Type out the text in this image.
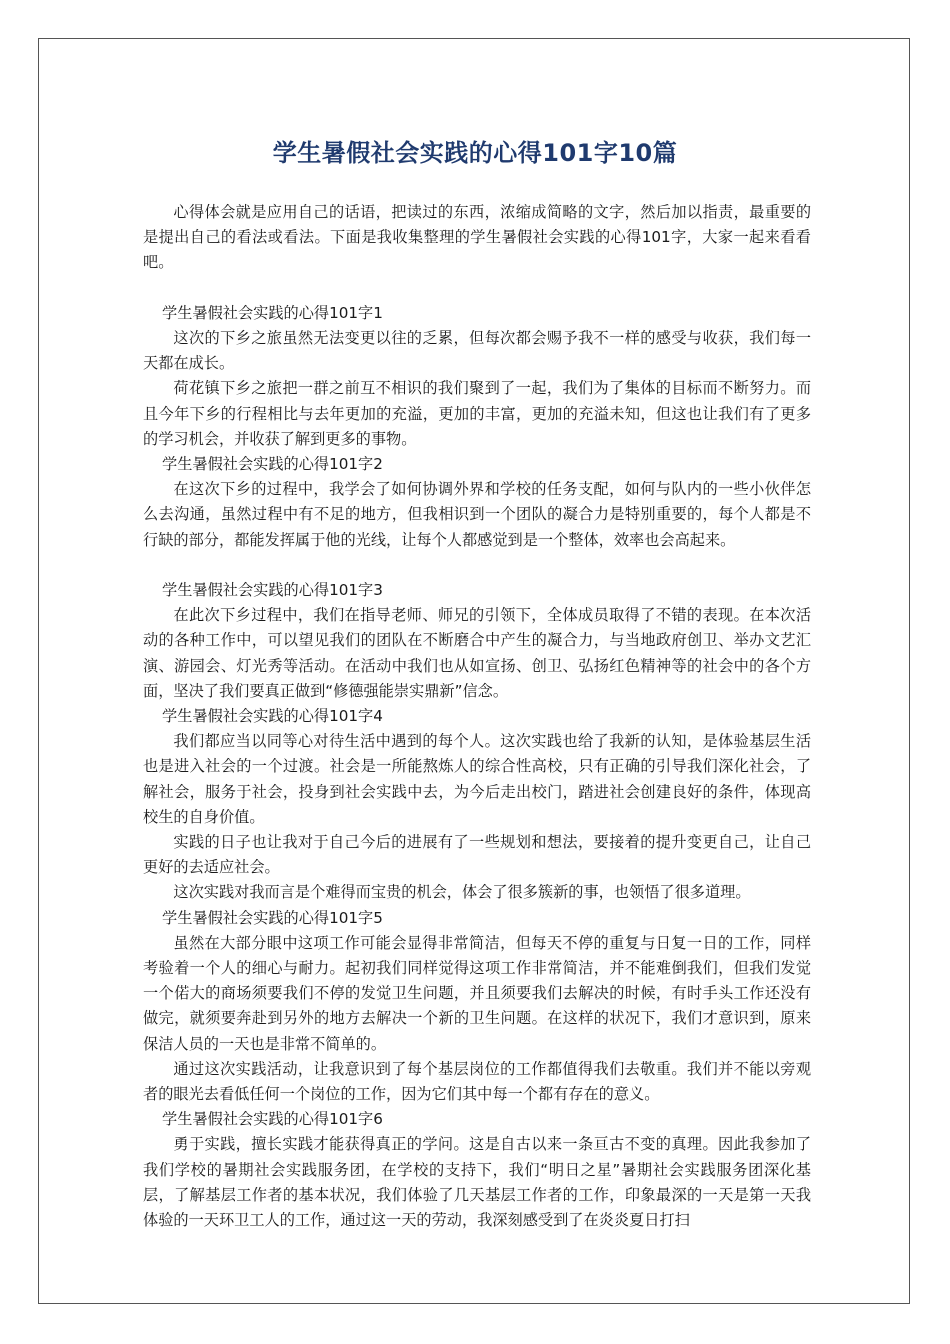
学生暑假社会实践的心得101字10篇

心得体会就是应用自己的话语，把读过的东西，浓缩成简略的文字，然后加以指责，最重要的是提出自己的看法或看法。下面是我收集整理的学生暑假社会实践的心得101字，大家一起来看看吧。

学生暑假社会实践的心得101字1

这次的下乡之旅虽然无法变更以往的乏累，但每次都会赐予我不一样的感受与收获，我们每一天都在成长。

荷花镇下乡之旅把一群之前互不相识的我们聚到了一起，我们为了集体的目标而不断努力。而且今年下乡的行程相比与去年更加的充溢，更加的丰富，更加的充溢未知，但这也让我们有了更多的学习机会，并收获了解到更多的事物。

学生暑假社会实践的心得101字2

在这次下乡的过程中，我学会了如何协调外界和学校的任务支配，如何与队内的一些小伙伴怎么去沟通，虽然过程中有不足的地方，但我相识到一个团队的凝合力是特别重要的，每个人都是不行缺的部分，都能发挥属于他的光线，让每个人都感觉到是一个整体，效率也会高起来。

学生暑假社会实践的心得101字3

在此次下乡过程中，我们在指导老师、师兄的引领下，全体成员取得了不错的表现。在本次活动的各种工作中，可以望见我们的团队在不断磨合中产生的凝合力，与当地政府创卫、举办文艺汇演、游园会、灯光秀等活动。在活动中我们也从如宣扬、创卫、弘扬红色精神等的社会中的各个方面，坚决了我们要真正做到“修德强能崇实鼎新”信念。

学生暑假社会实践的心得101字4

我们都应当以同等心对待生活中遇到的每个人。这次实践也给了我新的认知，是体验基层生活也是进入社会的一个过渡。社会是一所能熬炼人的综合性高校，只有正确的引导我们深化社会，了解社会，服务于社会，投身到社会实践中去，为今后走出校门，踏进社会创建良好的条件，体现高校生的自身价值。

实践的日子也让我对于自己今后的进展有了一些规划和想法，要接着的提升变更自己，让自己更好的去适应社会。

这次实践对我而言是个难得而宝贵的机会，体会了很多簇新的事，也领悟了很多道理。

学生暑假社会实践的心得101字5

虽然在大部分眼中这项工作可能会显得非常简洁，但每天不停的重复与日复一日的工作，同样考验着一个人的细心与耐力。起初我们同样觉得这项工作非常简洁，并不能难倒我们，但我们发觉一个偌大的商场须要我们不停的发觉卫生问题，并且须要我们去解决的时候，有时手头工作还没有做完，就须要奔赴到另外的地方去解决一个新的卫生问题。在这样的状况下，我们才意识到，原来保洁人员的一天也是非常不简单的。

通过这次实践活动，让我意识到了每个基层岗位的工作都值得我们去敬重。我们并不能以旁观者的眼光去看低任何一个岗位的工作，因为它们其中每一个都有存在的意义。

学生暑假社会实践的心得101字6

勇于实践，擅长实践才能获得真正的学问。这是自古以来一条亘古不变的真理。因此我参加了我们学校的暑期社会实践服务团，在学校的支持下，我们“明日之星”暑期社会实践服务团深化基层，了解基层工作者的基本状况，我们体验了几天基层工作者的工作，印象最深的一天是第一天我体验的一天环卫工人的工作，通过这一天的劳动，我深刻感受到了在炎炎夏日打扫
